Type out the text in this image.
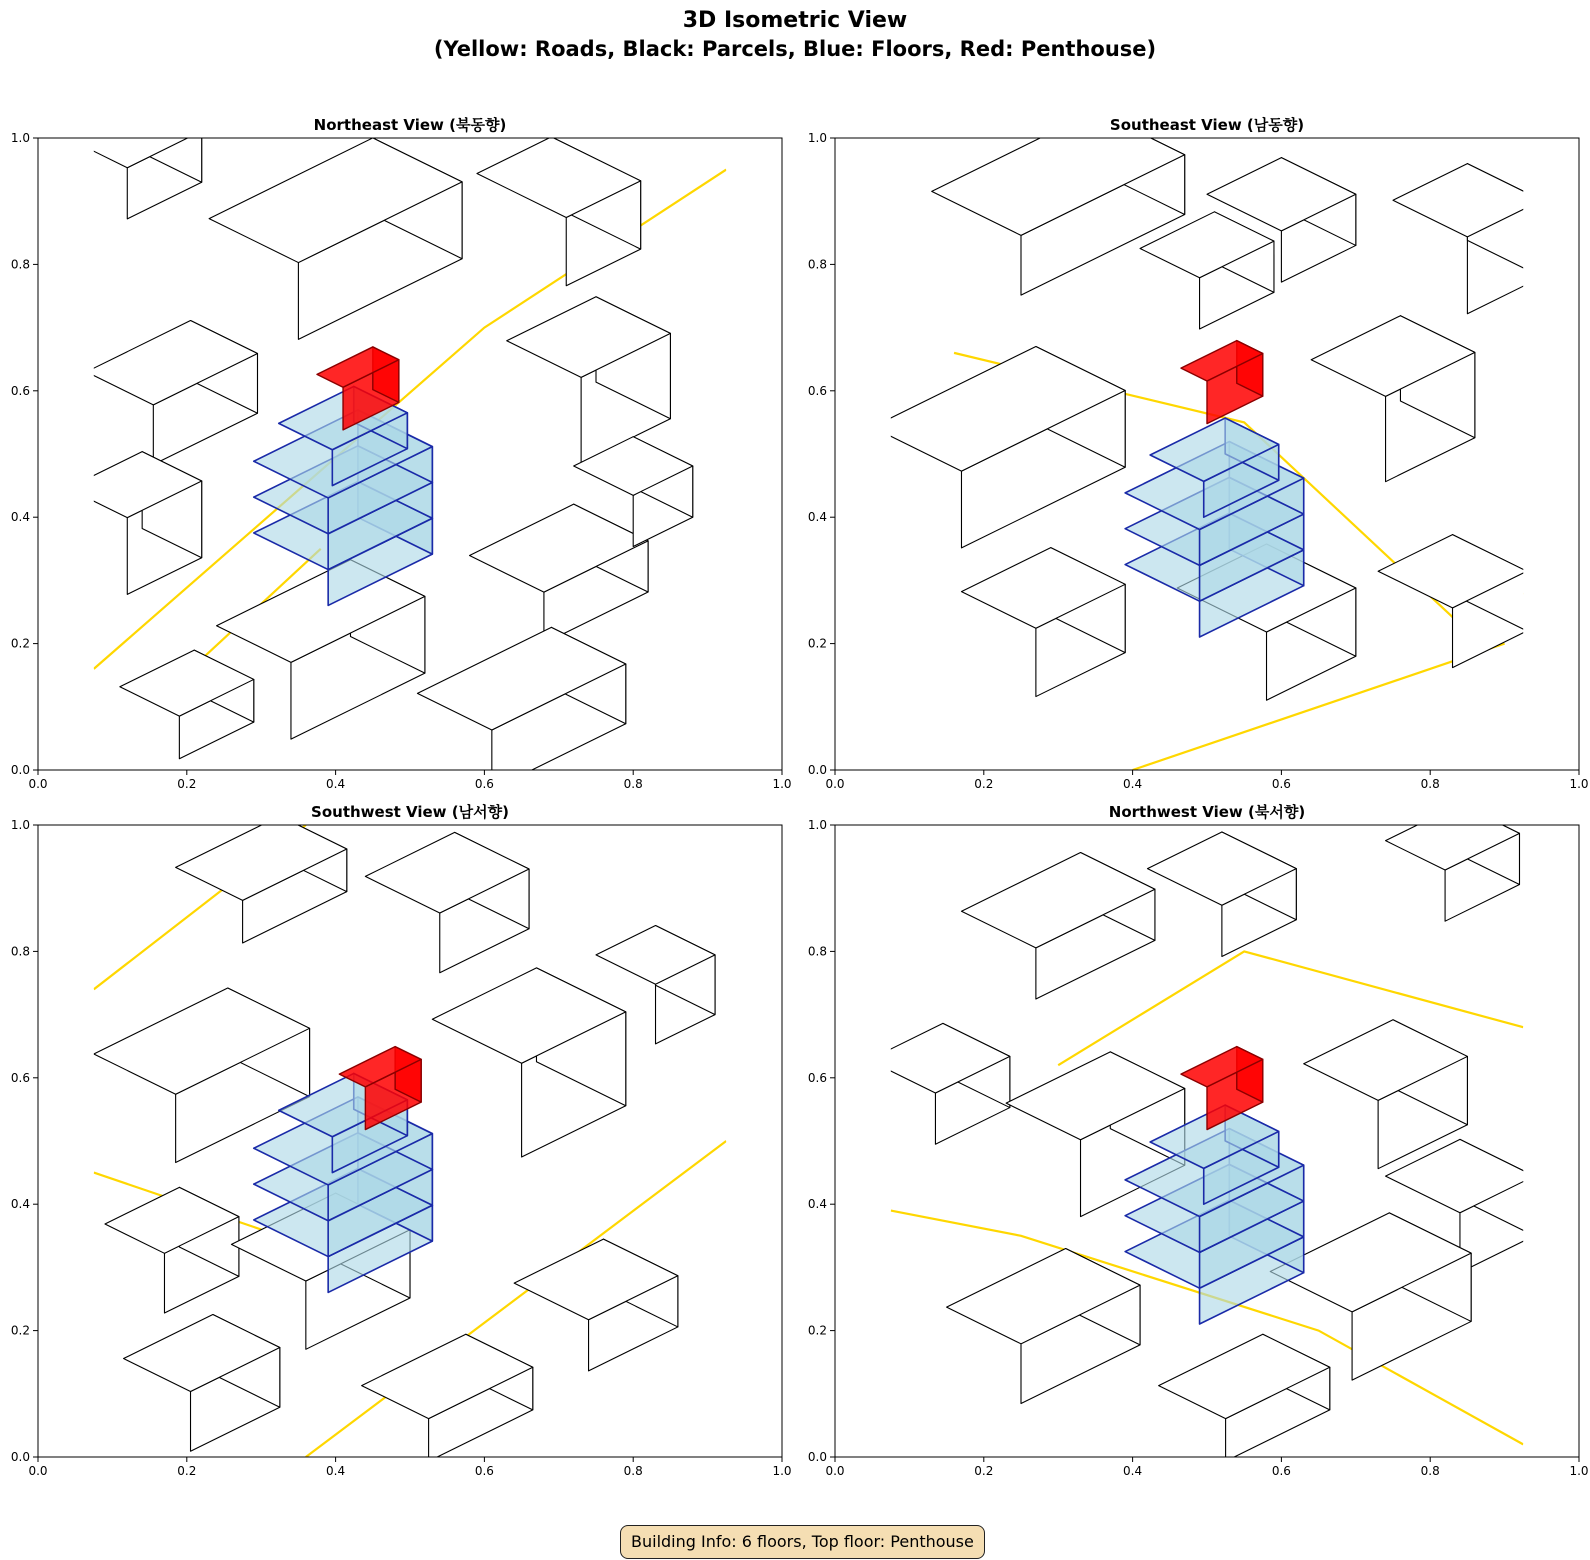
3D Isometric View
(Yellow: Roads, Black: Parcels, Blue: Floors, Red: Penthouse)
0.0
0.0
0.2
0.2
0.4
0.4
0.6
0.6
0.8
0.8
1.0
1.0
Northeast View (북동향)
0.0
0.0
0.2
0.2
0.4
0.4
0.6
0.6
0.8
0.8
1.0
1.0
Southeast View (남동향)
0.0
0.0
0.2
0.2
0.4
0.4
0.6
0.6
0.8
0.8
1.0
1.0
Southwest View (남서향)
0.0
0.0
0.2
0.2
0.4
0.4
0.6
0.6
0.8
0.8
1.0
1.0
Northwest View (북서향)
Building Info: 6 floors, Top floor: Penthouse
